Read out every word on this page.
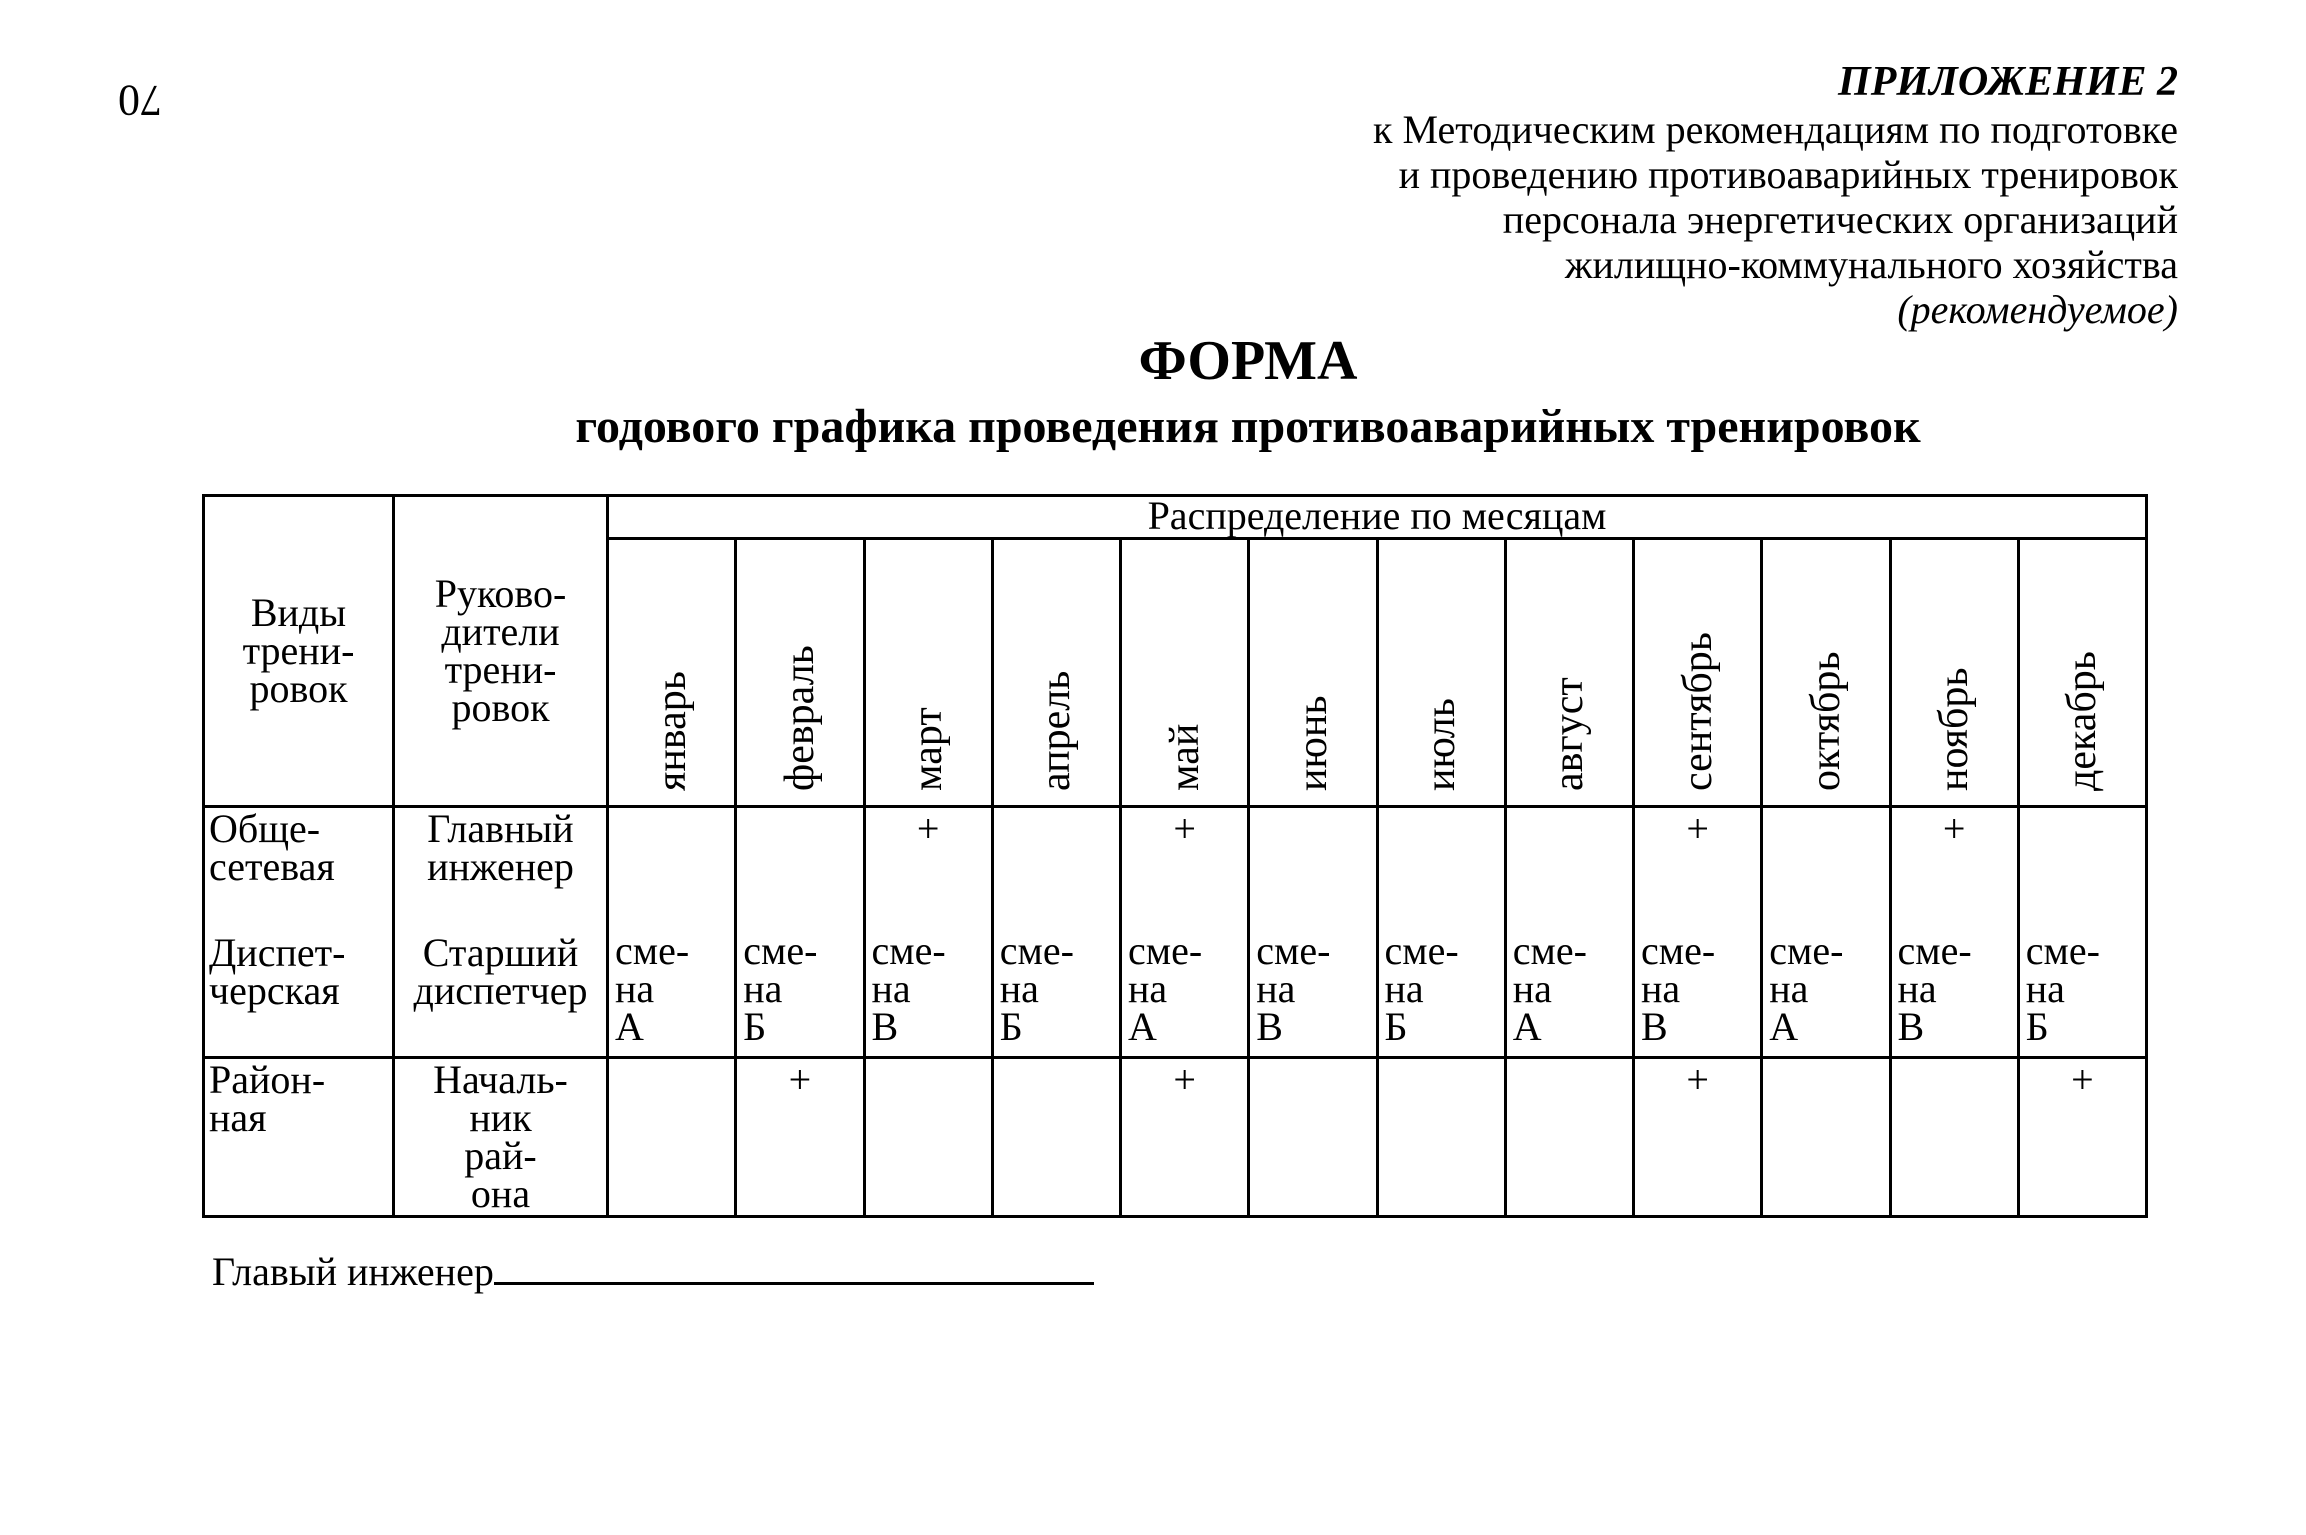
70	ПРИЛОЖЕНИЕ 2
к Методическим рекомендациям по подготовке
и проведению противоаварийных тренировок
персонала энергетических организаций
жилищно-коммунального хозяйства
(рекомендуемое)
ФОРМА
годового графика проведения противоаварийных тренировок
Виды
трени-
ровок	Руково-
дители
трени-
ровок	Распределение по месяцам											

		январь	февраль	март	апрель	май	июнь	июль	август	сентябрь	октябрь	ноябрь	декабрь

Обще-
сетевая	Главный
инженер			+		+				+		+	

Диспет-
черская	Старший
диспетчер	сме-
на
А	сме-
на
Б	сме-
на
В	сме-
на
Б	сме-
на
А	сме-
на
В	сме-
на
Б	сме-
на
А	сме-
на
В	сме-
на
А	сме-
на
В	сме-
на
Б
Район-
ная	Началь-
ник
рай-
она		+			+				+			+
Главый инженер
